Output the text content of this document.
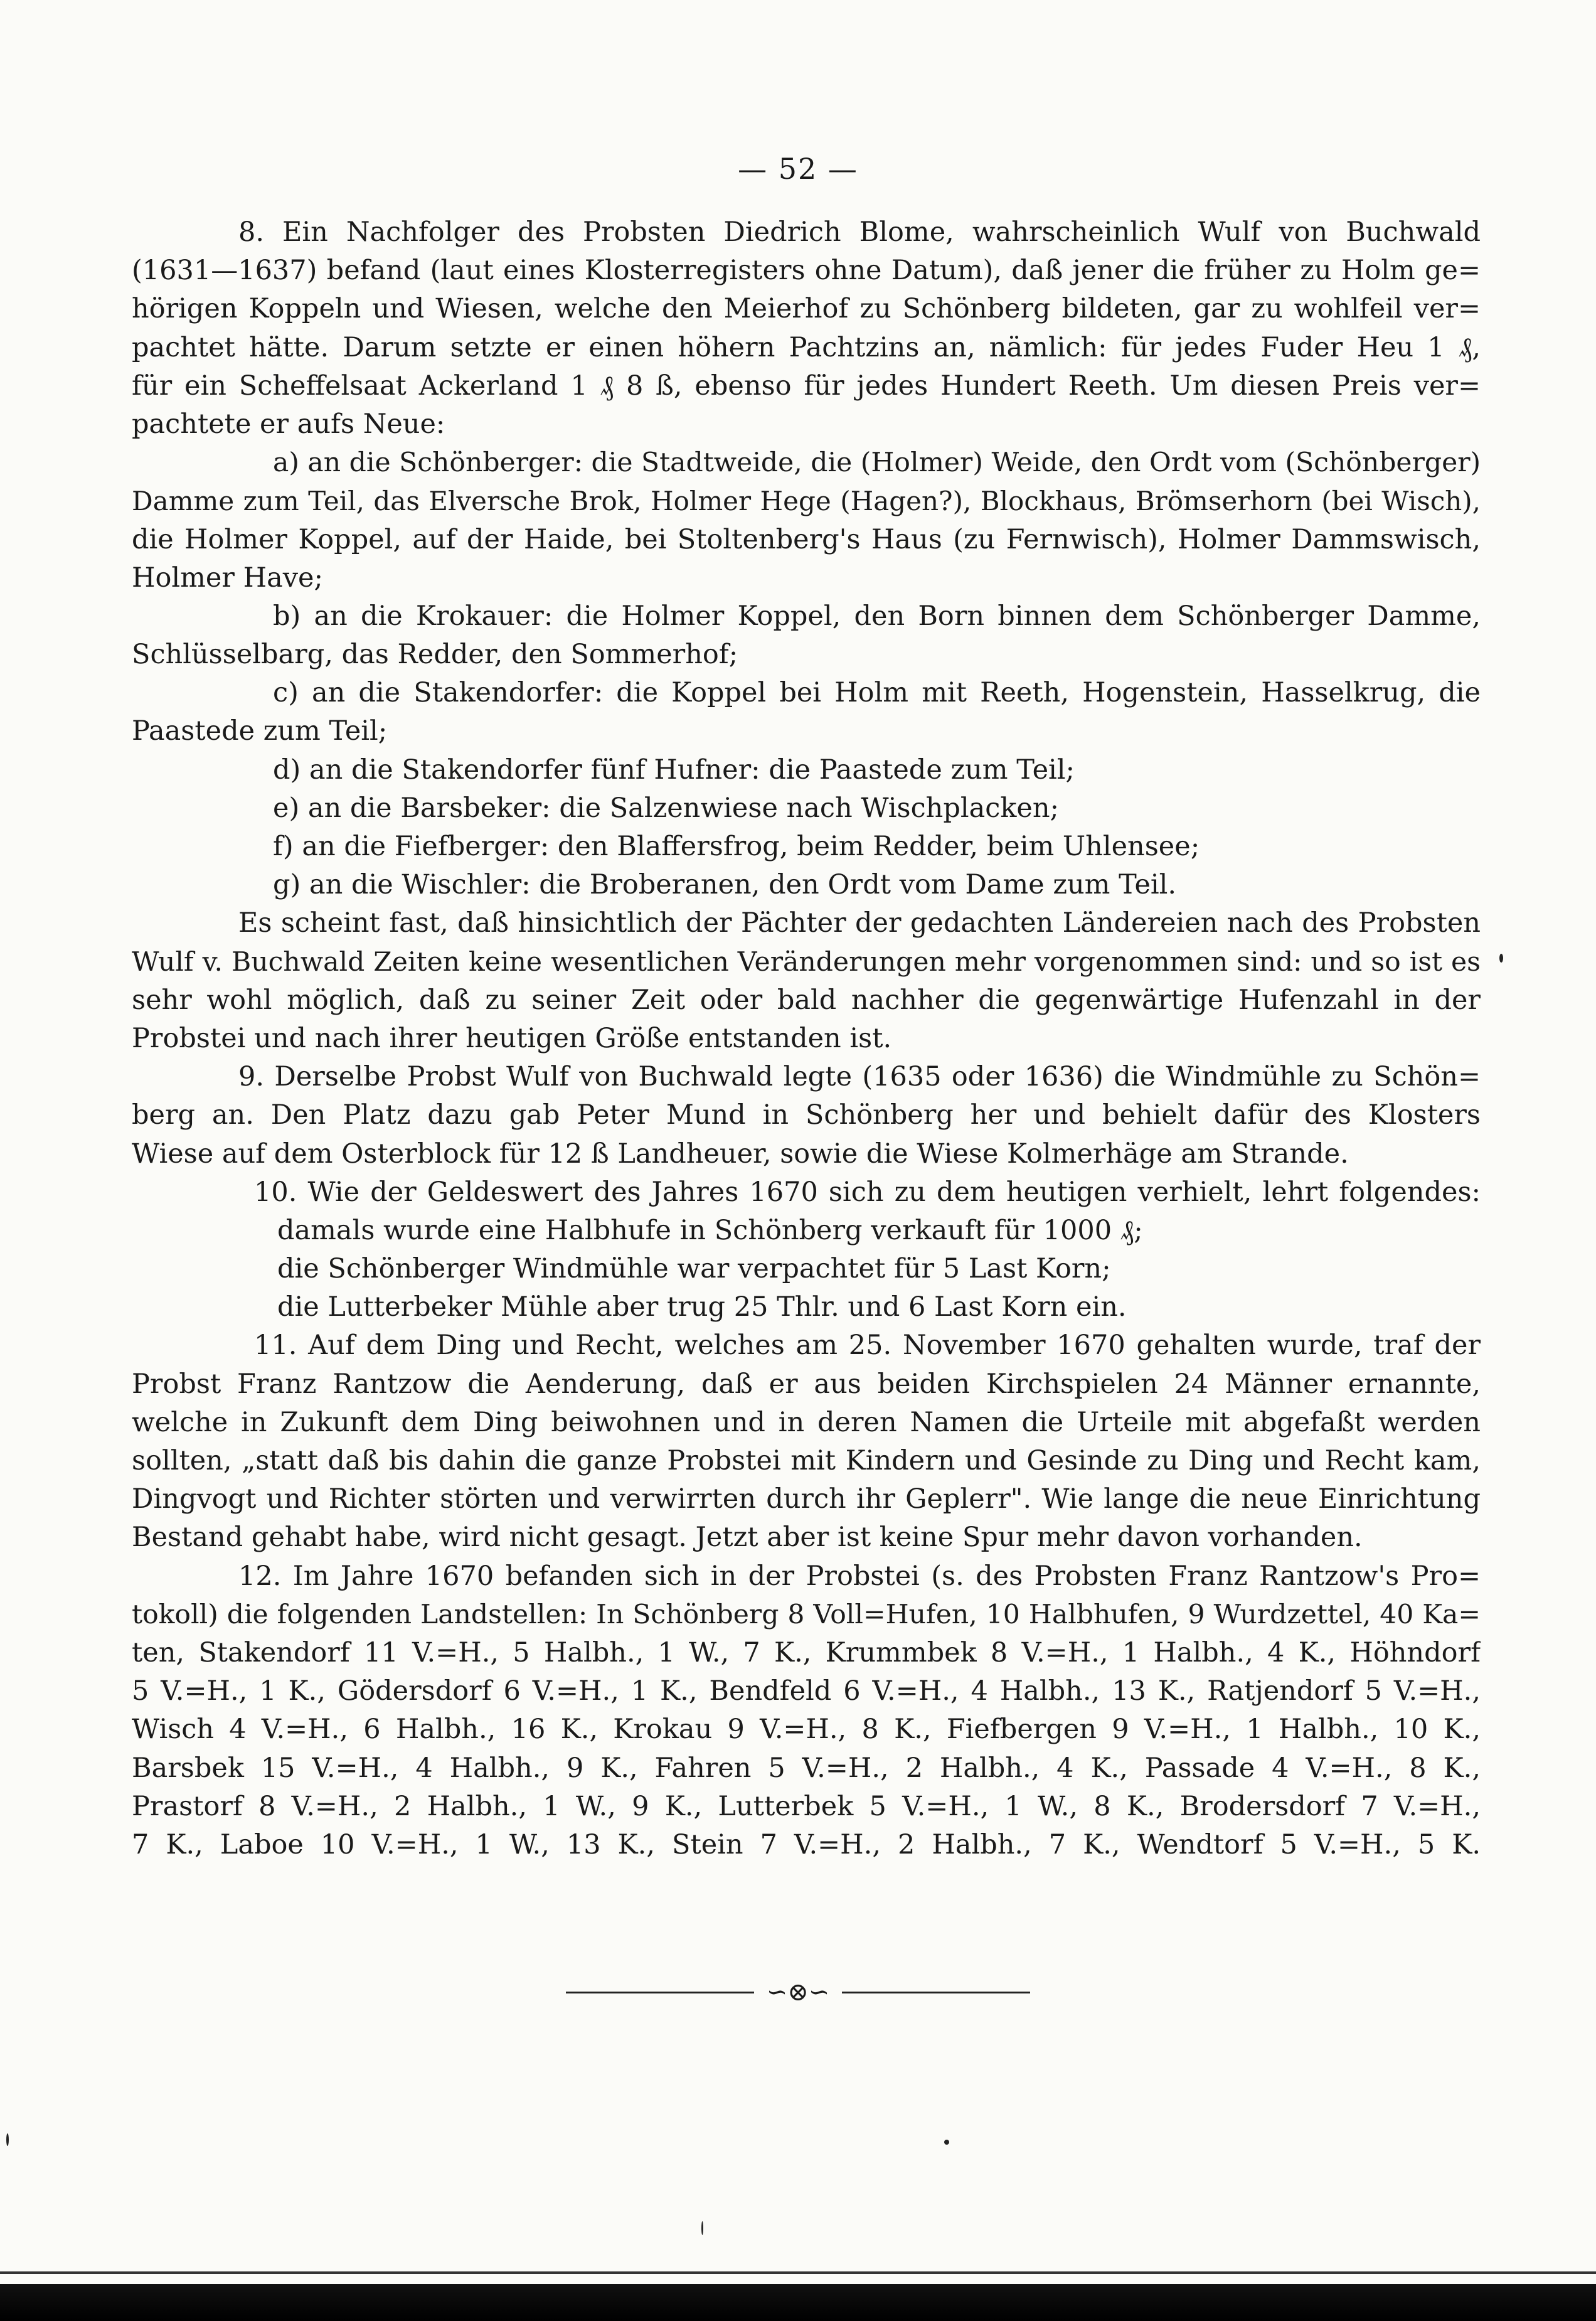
— 52 —
8. Ein Nachfolger des Probsten Diedrich Blome, wahrscheinlich Wulf von Buchwald
(1631—1637) befand (laut eines Klosterregisters ohne Datum), daß jener die früher zu Holm ge=
hörigen Koppeln und Wiesen, welche den Meierhof zu Schönberg bildeten, gar zu wohlfeil ver=
pachtet hätte. Darum setzte er einen höhern Pachtzins an, nämlich: für jedes Fuder Heu 1 ₰,
für ein Scheffelsaat Ackerland 1 ₰ 8 ß, ebenso für jedes Hundert Reeth. Um diesen Preis ver=
pachtete er aufs Neue:
a) an die Schönberger: die Stadtweide, die (Holmer) Weide, den Ordt vom (Schönberger)
Damme zum Teil, das Elversche Brok, Holmer Hege (Hagen?), Blockhaus, Brömserhorn (bei Wisch),
die Holmer Koppel, auf der Haide, bei Stoltenberg's Haus (zu Fernwisch), Holmer Dammswisch,
Holmer Have;
b) an die Krokauer: die Holmer Koppel, den Born binnen dem Schönberger Damme,
Schlüsselbarg, das Redder, den Sommerhof;
c) an die Stakendorfer: die Koppel bei Holm mit Reeth, Hogenstein, Hasselkrug, die
Paastede zum Teil;
d) an die Stakendorfer fünf Hufner: die Paastede zum Teil;
e) an die Barsbeker: die Salzenwiese nach Wischplacken;
f) an die Fiefberger: den Blaffersfrog, beim Redder, beim Uhlensee;
g) an die Wischler: die Broberanen, den Ordt vom Dame zum Teil.
Es scheint fast, daß hinsichtlich der Pächter der gedachten Ländereien nach des Probsten
Wulf v. Buchwald Zeiten keine wesentlichen Veränderungen mehr vorgenommen sind: und so ist es
sehr wohl möglich, daß zu seiner Zeit oder bald nachher die gegenwärtige Hufenzahl in der
Probstei und nach ihrer heutigen Größe entstanden ist.
9. Derselbe Probst Wulf von Buchwald legte (1635 oder 1636) die Windmühle zu Schön=
berg an. Den Platz dazu gab Peter Mund in Schönberg her und behielt dafür des Klosters
Wiese auf dem Osterblock für 12 ß Landheuer, sowie die Wiese Kolmerhäge am Strande.
10. Wie der Geldeswert des Jahres 1670 sich zu dem heutigen verhielt, lehrt folgendes:
damals wurde eine Halbhufe in Schönberg verkauft für 1000 ₰;
die Schönberger Windmühle war verpachtet für 5 Last Korn;
die Lutterbeker Mühle aber trug 25 Thlr. und 6 Last Korn ein.
11. Auf dem Ding und Recht, welches am 25. November 1670 gehalten wurde, traf der
Probst Franz Rantzow die Aenderung, daß er aus beiden Kirchspielen 24 Männer ernannte,
welche in Zukunft dem Ding beiwohnen und in deren Namen die Urteile mit abgefaßt werden
sollten, „statt daß bis dahin die ganze Probstei mit Kindern und Gesinde zu Ding und Recht kam,
Dingvogt und Richter störten und verwirrten durch ihr Geplerr". Wie lange die neue Einrichtung
Bestand gehabt habe, wird nicht gesagt. Jetzt aber ist keine Spur mehr davon vorhanden.
12. Im Jahre 1670 befanden sich in der Probstei (s. des Probsten Franz Rantzow's Pro=
tokoll) die folgenden Landstellen: In Schönberg 8 Voll=Hufen, 10 Halbhufen, 9 Wurdzettel, 40 Ka=
ten, Stakendorf 11 V.=H., 5 Halbh., 1 W., 7 K., Krummbek 8 V.=H., 1 Halbh., 4 K., Höhndorf
5 V.=H., 1 K., Gödersdorf 6 V.=H., 1 K., Bendfeld 6 V.=H., 4 Halbh., 13 K., Ratjendorf 5 V.=H.,
Wisch 4 V.=H., 6 Halbh., 16 K., Krokau 9 V.=H., 8 K., Fiefbergen 9 V.=H., 1 Halbh., 10 K.,
Barsbek 15 V.=H., 4 Halbh., 9 K., Fahren 5 V.=H., 2 Halbh., 4 K., Passade 4 V.=H., 8 K.,
Prastorf 8 V.=H., 2 Halbh., 1 W., 9 K., Lutterbek 5 V.=H., 1 W., 8 K., Brodersdorf 7 V.=H.,
7 K., Laboe 10 V.=H., 1 W., 13 K., Stein 7 V.=H., 2 Halbh., 7 K., Wendtorf 5 V.=H., 5 K.
∽⊗∽
